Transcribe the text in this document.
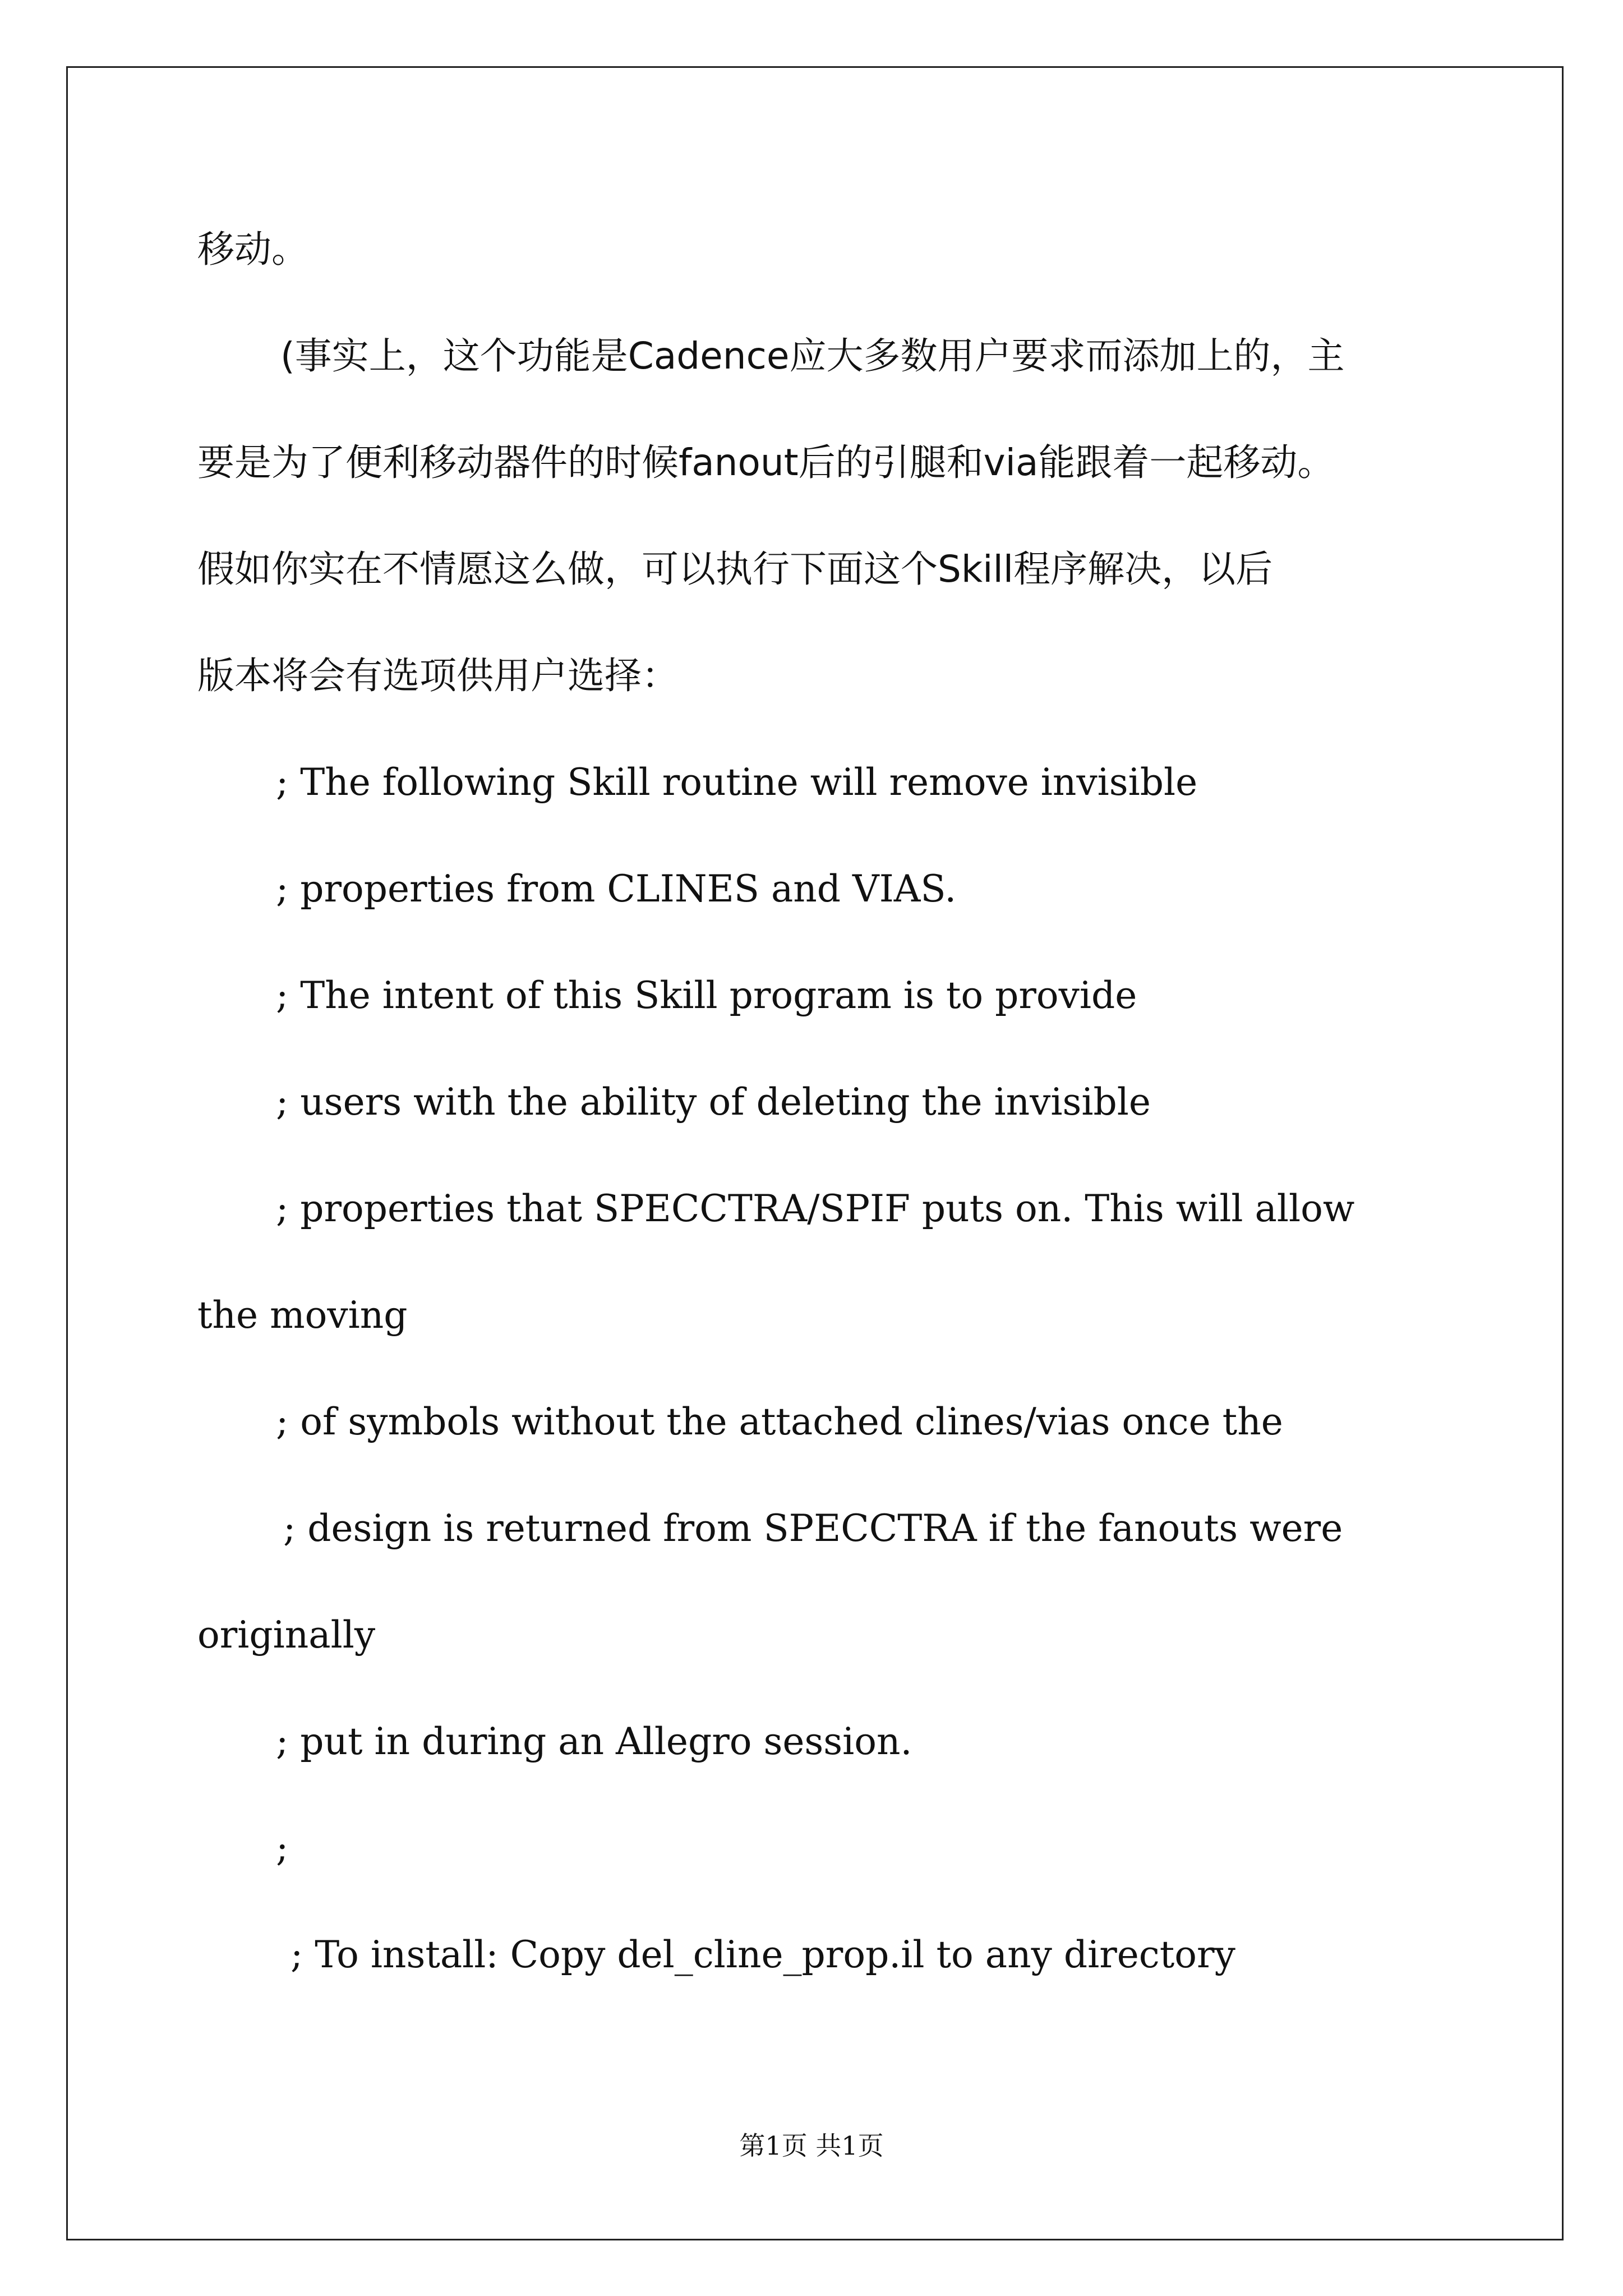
移动。
(事实上，这个功能是Cadence应大多数用户要求而添加上的，主
要是为了便利移动器件的时候fanout后的引腿和via能跟着一起移动。
假如你实在不情愿这么做，可以执行下面这个Skill程序解决，以后
版本将会有选项供用户选择：
; The following Skill routine will remove invisible
; properties from CLINES and VIAS.
; The intent of this Skill program is to provide
; users with the ability of deleting the invisible
; properties that SPECCTRA/SPIF puts on. This will allow
the moving
; of symbols without the attached clines/vias once the
; design is returned from SPECCTRA if the fanouts were
originally
; put in during an Allegro session.
;
; To install: Copy del_cline_prop.il to any directory
第1页 共1页
